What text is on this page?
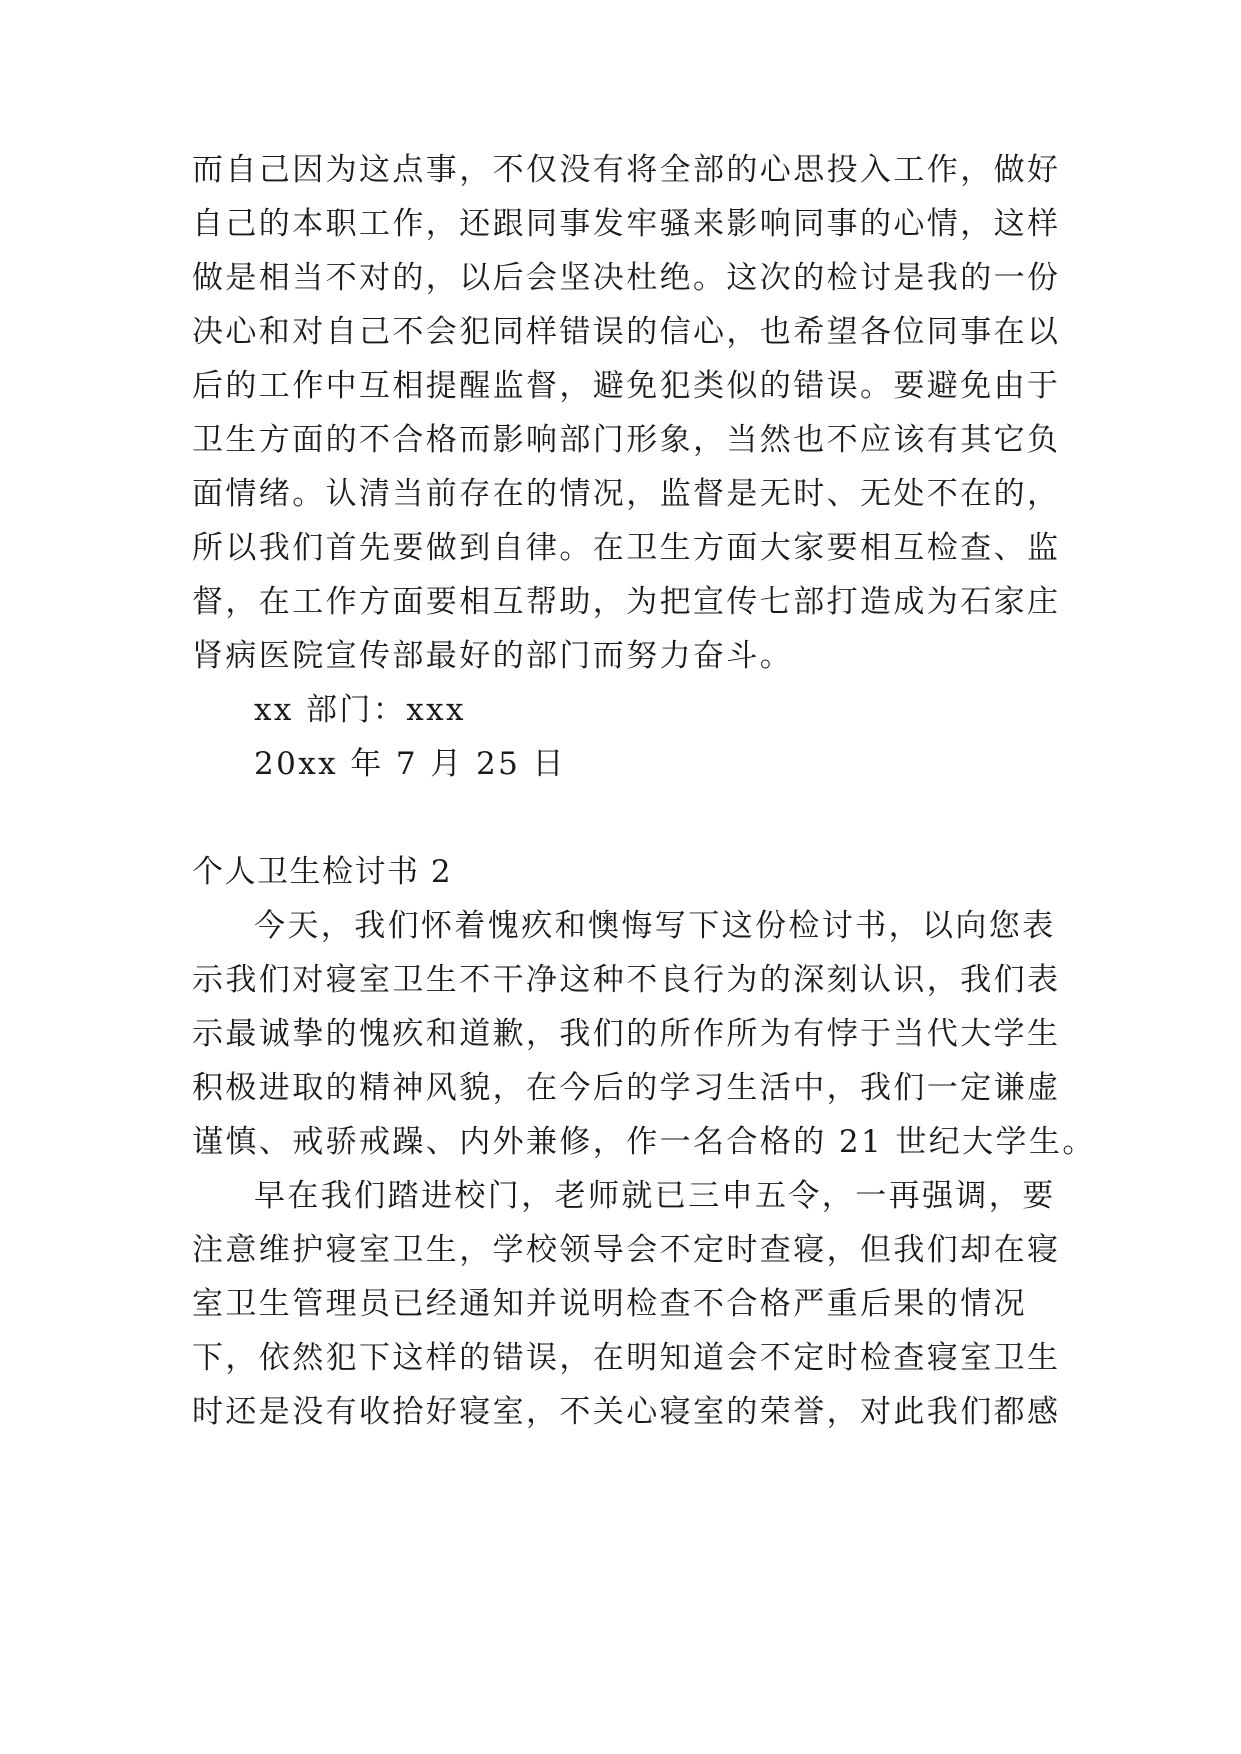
而自己因为这点事，不仅没有将全部的心思投入工作，做好
自己的本职工作，还跟同事发牢骚来影响同事的心情，这样
做是相当不对的，以后会坚决杜绝。这次的检讨是我的一份
决心和对自己不会犯同样错误的信心，也希望各位同事在以
后的工作中互相提醒监督，避免犯类似的错误。要避免由于
卫生方面的不合格而影响部门形象，当然也不应该有其它负
面情绪。认清当前存在的情况，监督是无时、无处不在的，
所以我们首先要做到自律。在卫生方面大家要相互检查、监
督，在工作方面要相互帮助，为把宣传七部打造成为石家庄
肾病医院宣传部最好的部门而努力奋斗。
xx 部门：xxx
20xx 年 7 月 25 日
个人卫生检讨书 2
今天，我们怀着愧疚和懊悔写下这份检讨书，以向您表
示我们对寝室卫生不干净这种不良行为的深刻认识，我们表
示最诚挚的愧疚和道歉，我们的所作所为有悖于当代大学生
积极进取的精神风貌，在今后的学习生活中，我们一定谦虚
谨慎、戒骄戒躁、内外兼修，作一名合格的 21 世纪大学生。
早在我们踏进校门，老师就已三申五令，一再强调，要
注意维护寝室卫生，学校领导会不定时查寝，但我们却在寝
室卫生管理员已经通知并说明检查不合格严重后果的情况
下，依然犯下这样的错误，在明知道会不定时检查寝室卫生
时还是没有收拾好寝室，不关心寝室的荣誉，对此我们都感
